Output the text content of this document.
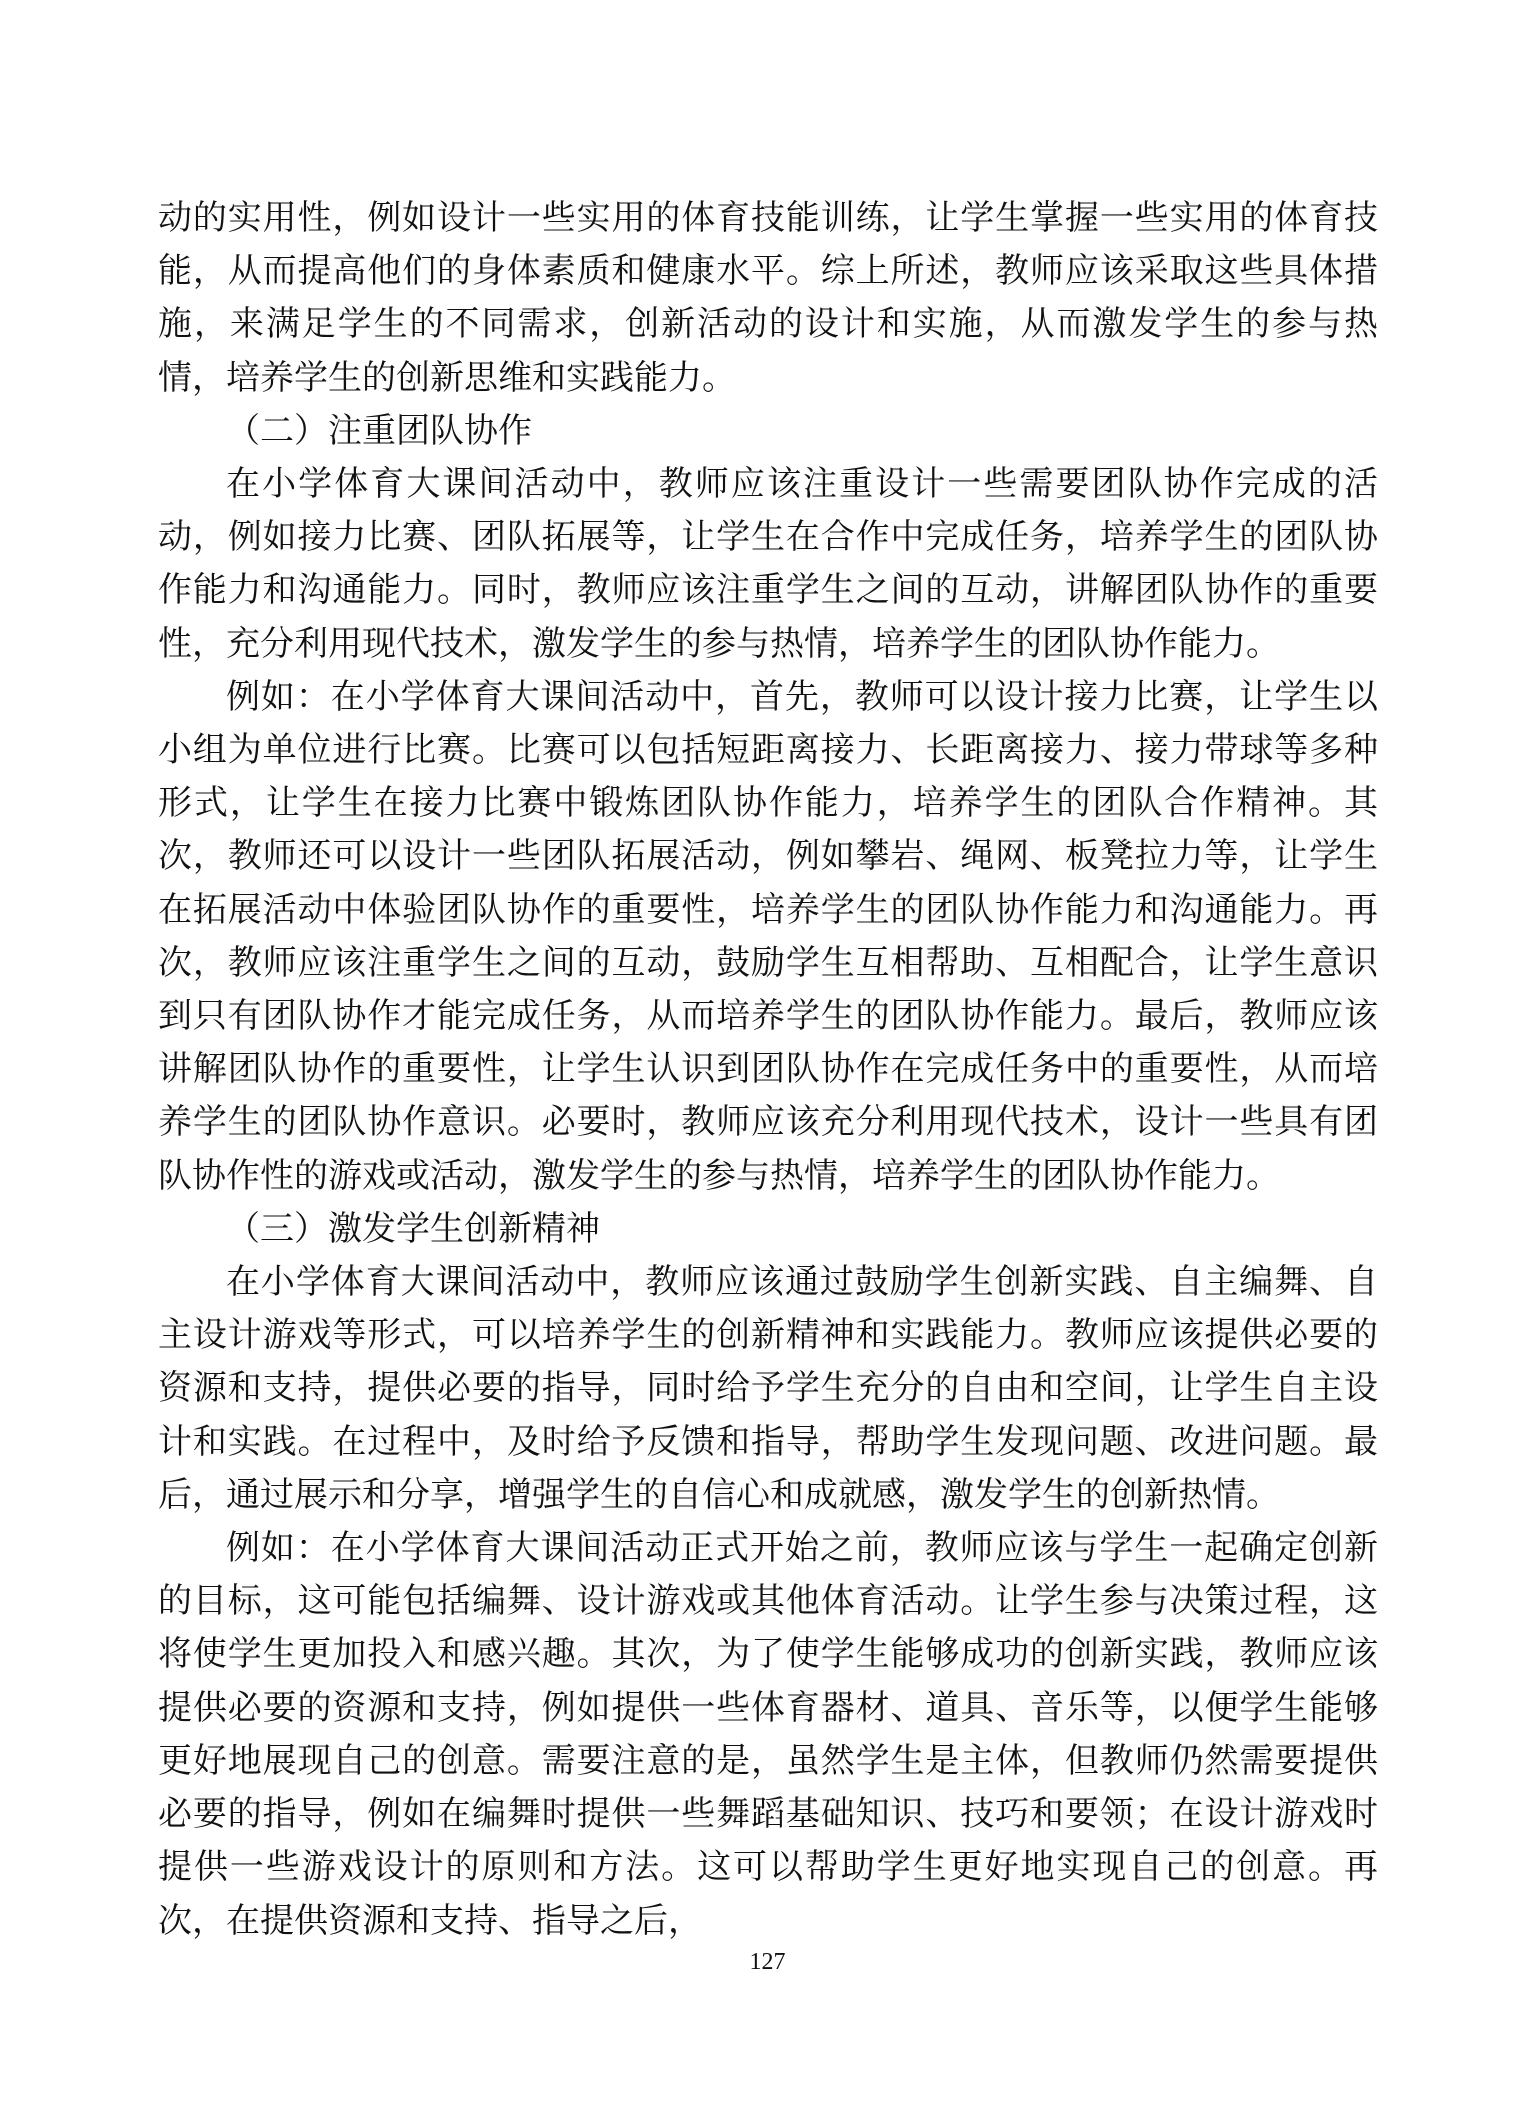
动的实用性，例如设计一些实用的体育技能训练，让学生掌握一些实用的体育技能，从而提高他们的身体素质和健康水平。综上所述，教师应该采取这些具体措施，来满足学生的不同需求，创新活动的设计和实施，从而激发学生的参与热情，培养学生的创新思维和实践能力。

（二）注重团队协作

在小学体育大课间活动中，教师应该注重设计一些需要团队协作完成的活动，例如接力比赛、团队拓展等，让学生在合作中完成任务，培养学生的团队协作能力和沟通能力。同时，教师应该注重学生之间的互动，讲解团队协作的重要性，充分利用现代技术，激发学生的参与热情，培养学生的团队协作能力。

例如：在小学体育大课间活动中，首先，教师可以设计接力比赛，让学生以小组为单位进行比赛。比赛可以包括短距离接力、长距离接力、接力带球等多种形式，让学生在接力比赛中锻炼团队协作能力，培养学生的团队合作精神。其次，教师还可以设计一些团队拓展活动，例如攀岩、绳网、板凳拉力等，让学生在拓展活动中体验团队协作的重要性，培养学生的团队协作能力和沟通能力。再次，教师应该注重学生之间的互动，鼓励学生互相帮助、互相配合，让学生意识到只有团队协作才能完成任务，从而培养学生的团队协作能力。最后，教师应该讲解团队协作的重要性，让学生认识到团队协作在完成任务中的重要性，从而培养学生的团队协作意识。必要时，教师应该充分利用现代技术，设计一些具有团队协作性的游戏或活动，激发学生的参与热情，培养学生的团队协作能力。

（三）激发学生创新精神

在小学体育大课间活动中，教师应该通过鼓励学生创新实践、自主编舞、自主设计游戏等形式，可以培养学生的创新精神和实践能力。教师应该提供必要的资源和支持，提供必要的指导，同时给予学生充分的自由和空间，让学生自主设计和实践。在过程中，及时给予反馈和指导，帮助学生发现问题、改进问题。最后，通过展示和分享，增强学生的自信心和成就感，激发学生的创新热情。

例如：在小学体育大课间活动正式开始之前，教师应该与学生一起确定创新的目标，这可能包括编舞、设计游戏或其他体育活动。让学生参与决策过程，这将使学生更加投入和感兴趣。其次，为了使学生能够成功的创新实践，教师应该提供必要的资源和支持，例如提供一些体育器材、道具、音乐等，以便学生能够更好地展现自己的创意。需要注意的是，虽然学生是主体，但教师仍然需要提供必要的指导，例如在编舞时提供一些舞蹈基础知识、技巧和要领；在设计游戏时提供一些游戏设计的原则和方法。这可以帮助学生更好地实现自己的创意。再次，在提供资源和支持、指导之后，

127
